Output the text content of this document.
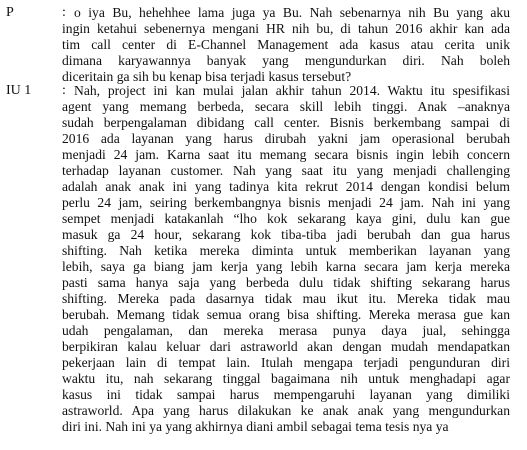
P	: o iya Bu, hehehhee lama juga ya Bu. Nah sebenarnya nih Bu yang aku
ingin ketahui sebenernya mengani HR nih bu, di tahun 2016 akhir kan ada
tim call center di E-Channel Management ada kasus atau cerita unik
dimana karyawannya banyak yang mengundurkan diri. Nah boleh
diceritain ga sih bu kenap bisa terjadi kasus tersebut?
IU 1 : Nah, project ini kan mulai jalan akhir tahun 2014. Waktu itu spesifikasi
agent yang memang berbeda, secara skill lebih tinggi. Anak –anaknya
sudah berpengalaman dibidang call center. Bisnis berkembang sampai di
2016 ada layanan yang harus dirubah yakni jam operasional berubah
menjadi 24 jam. Karna saat itu memang secara bisnis ingin lebih concern
terhadap layanan customer. Nah yang saat itu yang menjadi challenging
adalah anak anak ini yang tadinya kita rekrut 2014 dengan kondisi belum
perlu 24 jam, seiring berkembangnya bisnis menjadi 24 jam. Nah ini yang
sempet menjadi katakanlah “lho kok sekarang kaya gini, dulu kan gue
masuk ga 24 hour, sekarang kok tiba-tiba jadi berubah dan gua harus
shifting. Nah ketika mereka diminta untuk memberikan layanan yang
lebih, saya ga biang jam kerja yang lebih karna secara jam kerja mereka
pasti sama hanya saja yang berbeda dulu tidak shifting sekarang harus
shifting. Mereka pada dasarnya tidak mau ikut itu. Mereka tidak mau
berubah. Memang tidak semua orang bisa shifting. Mereka merasa gue kan
udah pengalaman, dan mereka merasa punya daya jual, sehingga
berpikiran kalau keluar dari astraworld akan dengan mudah mendapatkan
pekerjaan lain di tempat lain. Itulah mengapa terjadi pengunduran diri
waktu itu, nah sekarang tinggal bagaimana nih untuk menghadapi agar
kasus ini tidak sampai harus mempengaruhi layanan yang dimiliki
astraworld. Apa yang harus dilakukan ke anak anak yang mengundurkan
diri ini. Nah ini ya yang akhirnya diani ambil sebagai tema tesis nya ya
